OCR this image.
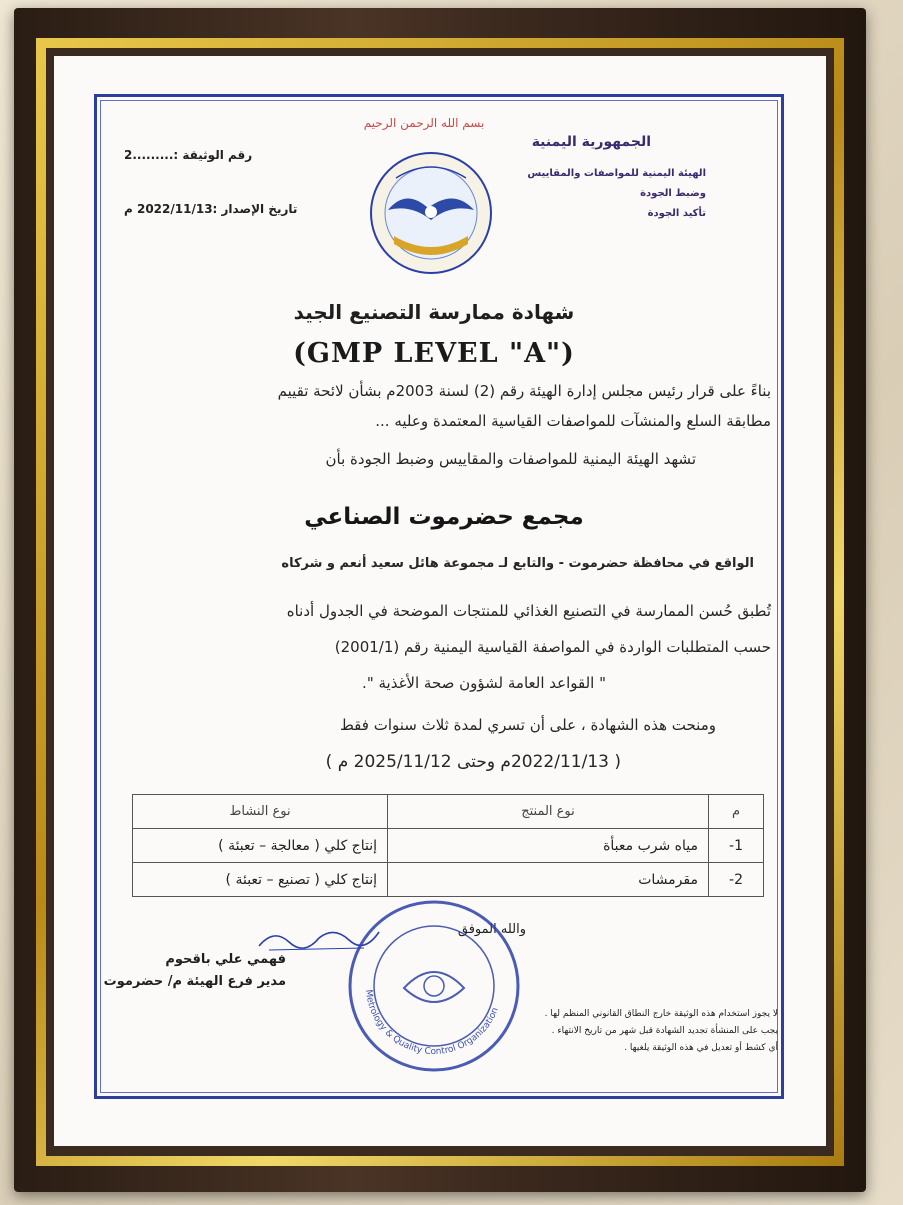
بسم الله الرحمن الرحيم
الجمهورية اليمنية
الهيئة اليمنية للمواصفات والمقاييس
وضبط الجودة
تأكيد الجودة
رقم الوثيقة :.........2
تاريخ الإصدار :2022/11/13 م
شهادة ممارسة التصنيع الجيد
(GMP LEVEL "A")
بناءً على قرار رئيس مجلس إدارة الهيئة رقم (2) لسنة 2003م بشأن لائحة تقييم
مطابقة السلع والمنشآت للمواصفات القياسية المعتمدة وعليه ...
تشهد الهيئة اليمنية للمواصفات والمقاييس وضبط الجودة بأن
مجمع حضرموت الصناعي
الواقع في محافظة حضرموت - والتابع لـ مجموعة هائل سعيد أنعم و شركاه
تُطبق حُسن الممارسة في التصنيع الغذائي للمنتجات الموضحة في الجدول أدناه
حسب المتطلبات الواردة في المواصفة القياسية اليمنية رقم (2001/1)
" القواعد العامة لشؤون صحة الأغذية ".
ومنحت هذه الشهادة ، على أن تسري لمدة ثلاث سنوات فقط
( 2022/11/13م وحتى 2025/11/12 م )
م	نوع المنتج	نوع النشاط
1-	مياه شرب معبأة	إنتاج كلي ( معالجة – تعبئة )
2-	مقرمشات	إنتاج كلي ( تصنيع – تعبئة )
والله الموفق
فهمي علي باقحوم
مدير فرع الهيئة م/ حضرموت
Metrology & Quality Control Organization	لا يجوز استخدام هذه الوثيقة خارج النطاق القانوني المنظم لها .
يجب على المنشأة تجديد الشهادة قبل شهر من تاريخ الانتهاء .
أي كشط أو تعديل في هذه الوثيقة يلغيها .
